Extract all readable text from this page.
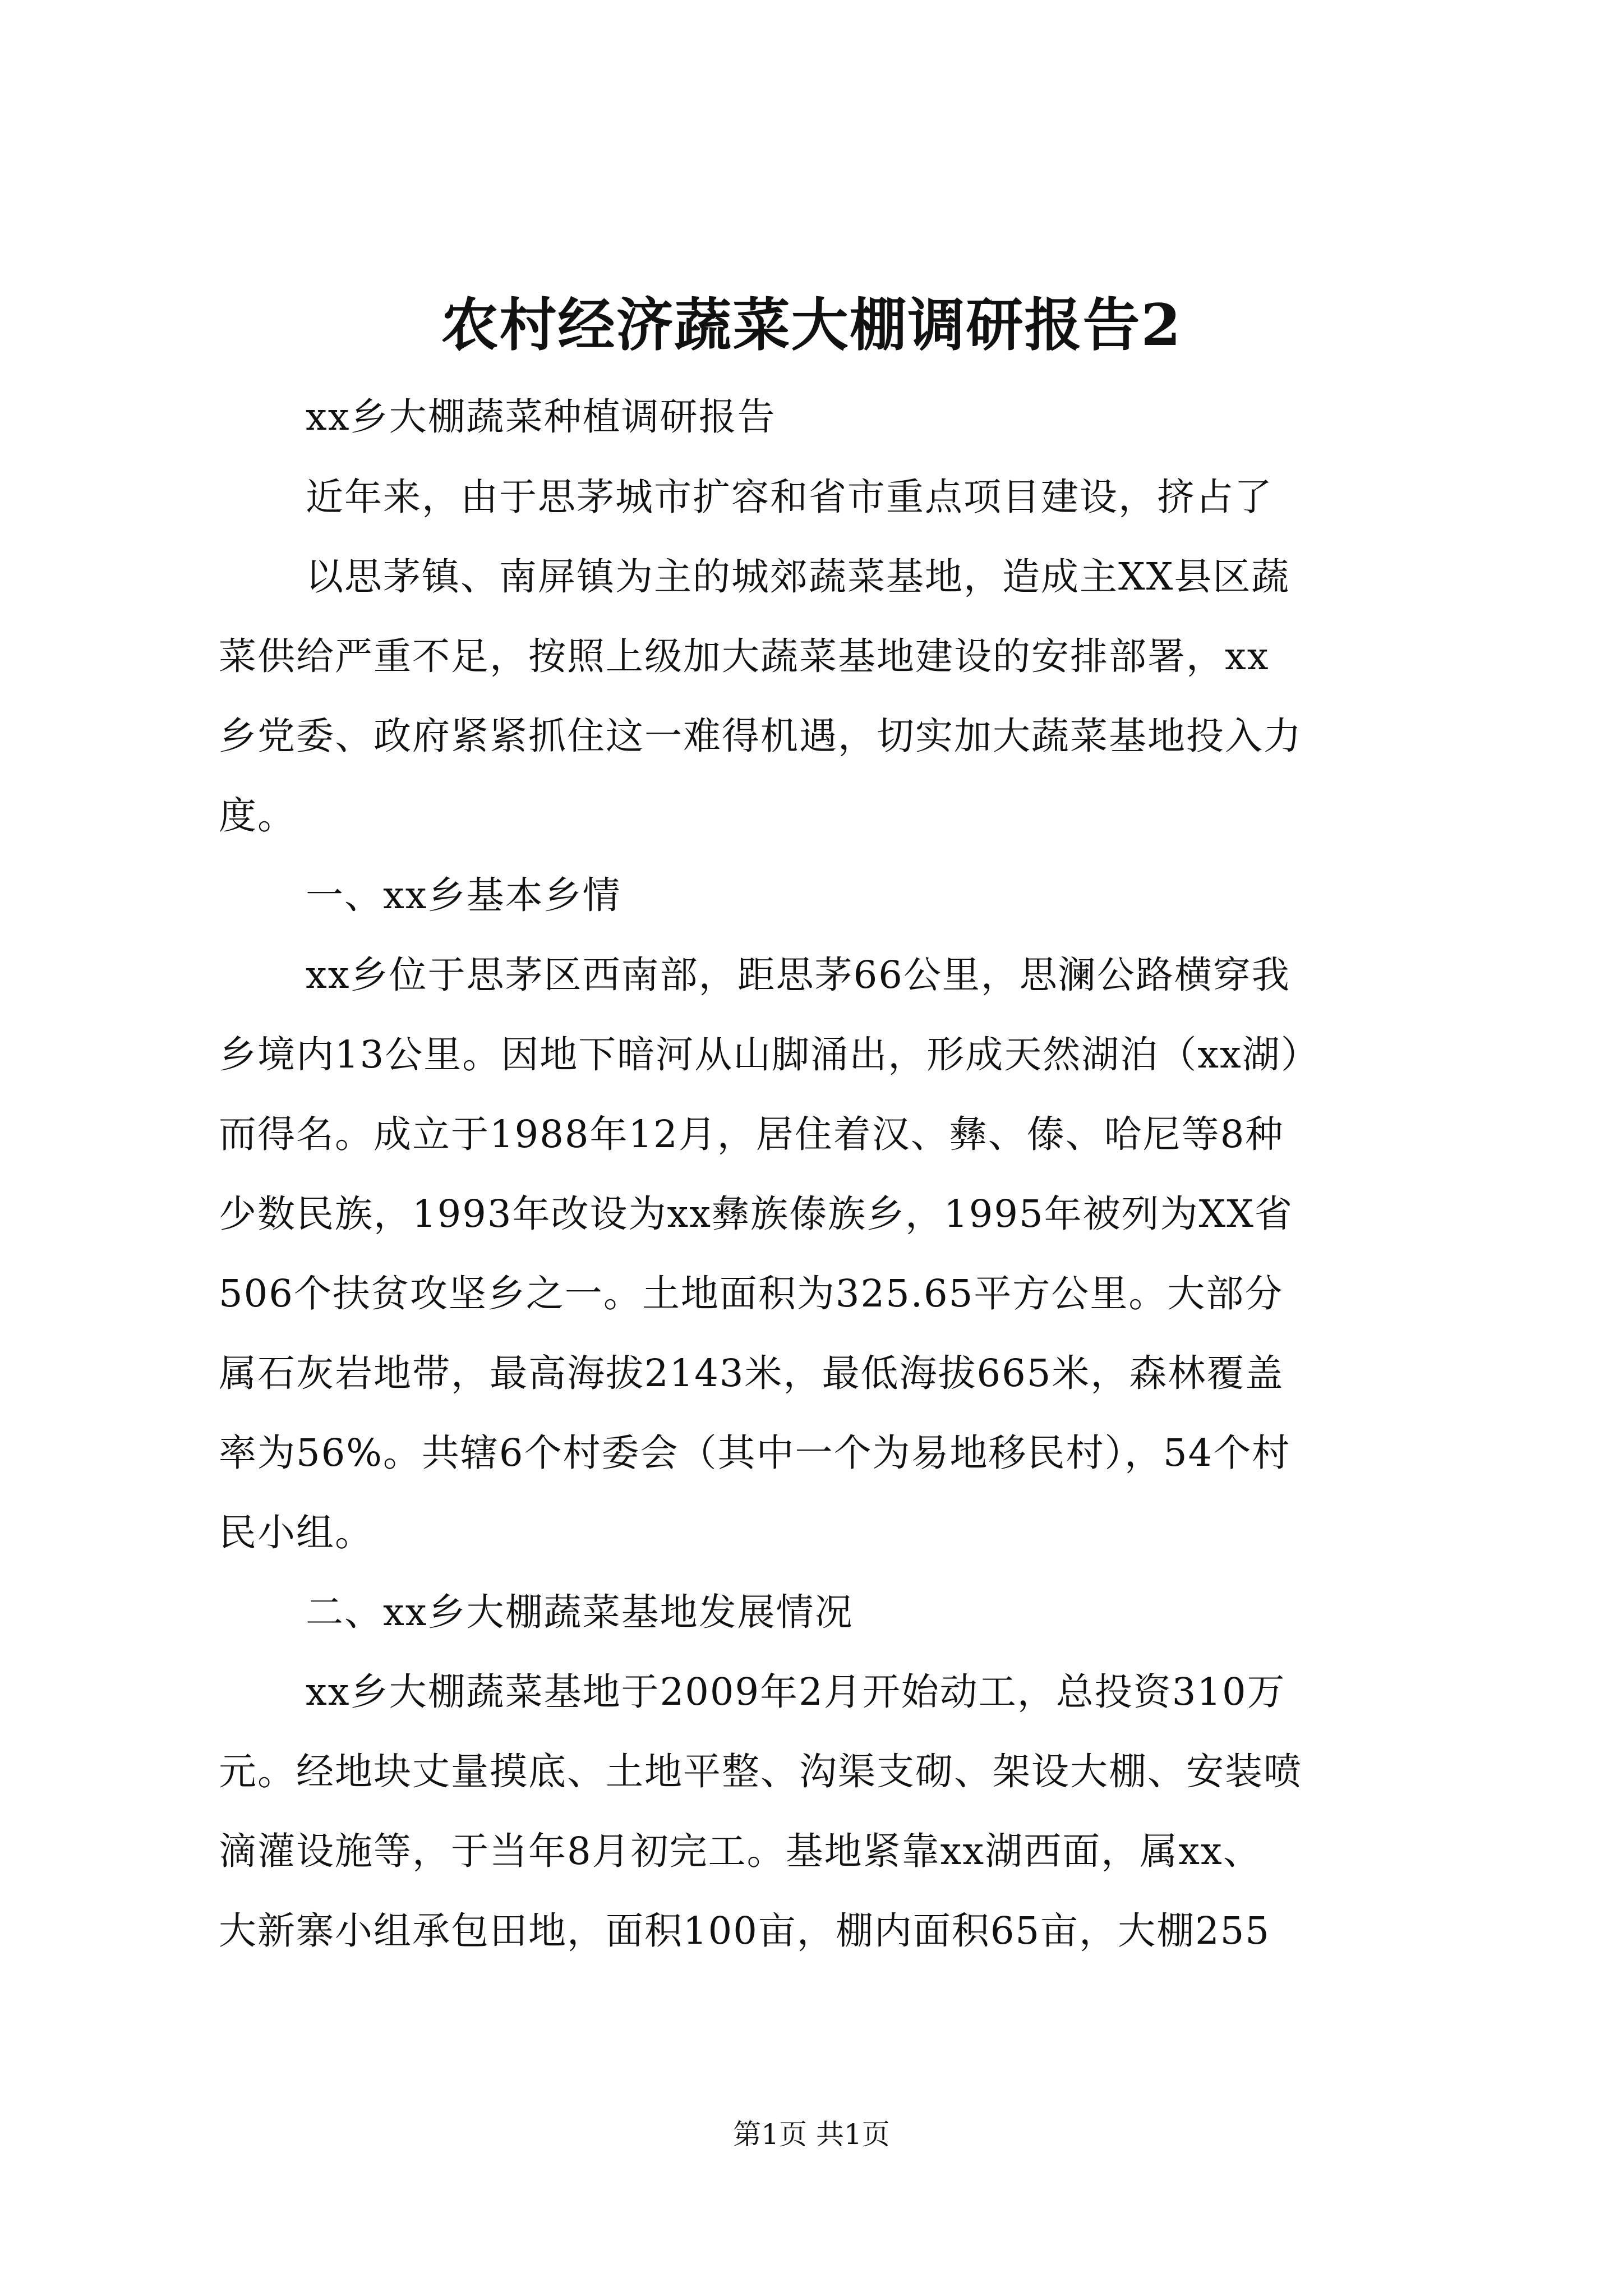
农村经济蔬菜大棚调研报告2
xx乡大棚蔬菜种植调研报告
近年来，由于思茅城市扩容和省市重点项目建设，挤占了
以思茅镇、南屏镇为主的城郊蔬菜基地，造成主XX县区蔬
菜供给严重不足，按照上级加大蔬菜基地建设的安排部署，xx
乡党委、政府紧紧抓住这一难得机遇，切实加大蔬菜基地投入力
度。
一、xx乡基本乡情
xx乡位于思茅区西南部，距思茅66公里，思澜公路横穿我
乡境内13公里。因地下暗河从山脚涌出，形成天然湖泊（xx湖）
而得名。成立于1988年12月，居住着汉、彝、傣、哈尼等8种
少数民族，1993年改设为xx彝族傣族乡，1995年被列为XX省
506个扶贫攻坚乡之一。土地面积为325.65平方公里。大部分
属石灰岩地带，最高海拔2143米，最低海拔665米，森林覆盖
率为56%。共辖6个村委会（其中一个为易地移民村），54个村
民小组。
二、xx乡大棚蔬菜基地发展情况
xx乡大棚蔬菜基地于2009年2月开始动工，总投资310万
元。经地块丈量摸底、土地平整、沟渠支砌、架设大棚、安装喷
滴灌设施等，于当年8月初完工。基地紧靠xx湖西面，属xx、
大新寨小组承包田地，面积100亩，棚内面积65亩，大棚255
第1页 共1页
